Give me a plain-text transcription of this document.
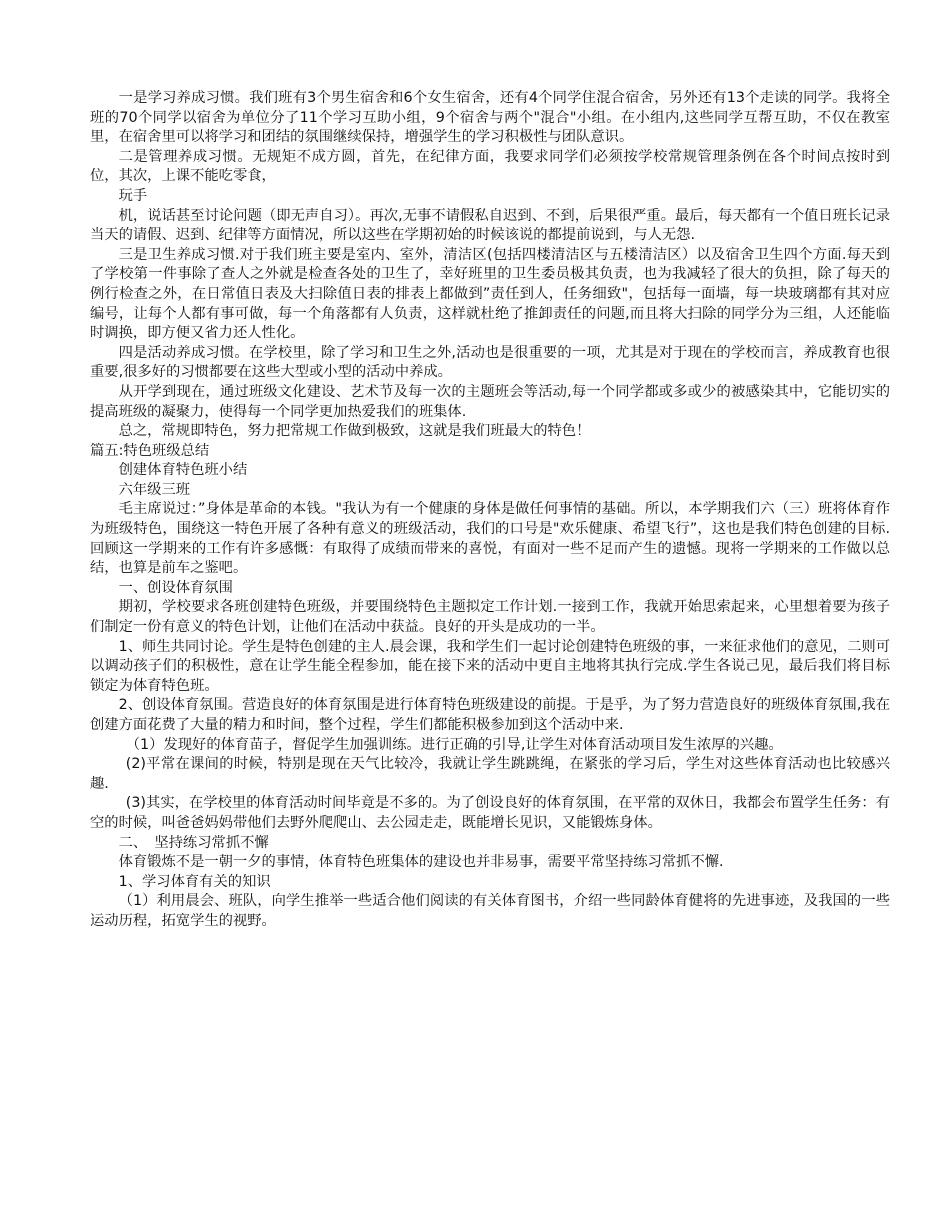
一是学习养成习惯。我们班有3个男生宿舍和6个女生宿舍，还有4个同学住混合宿舍，另外还有13个走读的同学。我将全班的70个同学以宿舍为单位分了11个学习互助小组，9个宿舍与两个"混合"小组。在小组内,这些同学互帮互助，不仅在教室里，在宿舍里可以将学习和团结的氛围继续保持，增强学生的学习积极性与团队意识。

二是管理养成习惯。无规矩不成方圆，首先，在纪律方面，我要求同学们必须按学校常规管理条例在各个时间点按时到位，其次，上课不能吃零食，

玩手

机，说话甚至讨论问题（即无声自习）。再次,无事不请假私自迟到、不到，后果很严重。最后，每天都有一个值日班长记录当天的请假、迟到、纪律等方面情况，所以这些在学期初始的时候该说的都提前说到，与人无怨.

三是卫生养成习惯.对于我们班主要是室内、室外，清洁区(包括四楼清洁区与五楼清洁区）以及宿舍卫生四个方面.每天到了学校第一件事除了查人之外就是检查各处的卫生了，幸好班里的卫生委员极其负责，也为我减轻了很大的负担，除了每天的例行检查之外，在日常值日表及大扫除值日表的排表上都做到”责任到人，任务细致"，包括每一面墙，每一块玻璃都有其对应编号，让每个人都有事可做，每一个角落都有人负责，这样就杜绝了推卸责任的问题,而且将大扫除的同学分为三组，人还能临时调换，即方便又省力还人性化。

四是活动养成习惯。在学校里，除了学习和卫生之外,活动也是很重要的一项，尤其是对于现在的学校而言，养成教育也很重要,很多好的习惯都要在这些大型或小型的活动中养成。

从开学到现在，通过班级文化建设、艺术节及每一次的主题班会等活动,每一个同学都或多或少的被感染其中，它能切实的提高班级的凝聚力，使得每一个同学更加热爱我们的班集体.

总之，常规即特色，努力把常规工作做到极致，这就是我们班最大的特色！

篇五:特色班级总结

创建体育特色班小结

六年级三班

毛主席说过：”身体是革命的本钱。"我认为有一个健康的身体是做任何事情的基础。所以，本学期我们六（三）班将体育作为班级特色，围绕这一特色开展了各种有意义的班级活动，我们的口号是"欢乐健康、希望飞行”，这也是我们特色创建的目标.回顾这一学期来的工作有许多感慨：有取得了成绩而带来的喜悦，有面对一些不足而产生的遗憾。现将一学期来的工作做以总结，也算是前车之鉴吧。

一、创设体育氛围

期初，学校要求各班创建特色班级，并要围绕特色主题拟定工作计划.一接到工作，我就开始思索起来，心里想着要为孩子们制定一份有意义的特色计划，让他们在活动中获益。良好的开头是成功的一半。

1、师生共同讨论。学生是特色创建的主人.晨会课，我和学生们一起讨论创建特色班级的事，一来征求他们的意见，二则可以调动孩子们的积极性，意在让学生能全程参加，能在接下来的活动中更自主地将其执行完成.学生各说己见，最后我们将目标锁定为体育特色班。

2、创设体育氛围。营造良好的体育氛围是进行体育特色班级建设的前提。于是乎，为了努力营造良好的班级体育氛围,我在创建方面花费了大量的精力和时间，整个过程，学生们都能积极参加到这个活动中来.

（1）发现好的体育苗子，督促学生加强训练。进行正确的引导,让学生对体育活动项目发生浓厚的兴趣。

(2)平常在课间的时候，特别是现在天气比较冷，我就让学生跳跳绳，在紧张的学习后，学生对这些体育活动也比较感兴趣.

(3)其实，在学校里的体育活动时间毕竟是不多的。为了创设良好的体育氛围，在平常的双休日，我都会布置学生任务：有空的时候，叫爸爸妈妈带他们去野外爬爬山、去公园走走，既能增长见识，又能锻炼身体。

二、　坚持练习常抓不懈

体育锻炼不是一朝一夕的事情，体育特色班集体的建设也并非易事，需要平常坚持练习常抓不懈.

1、学习体育有关的知识

（1）利用晨会、班队，向学生推举一些适合他们阅读的有关体育图书，介绍一些同龄体育健将的先进事迹，及我国的一些运动历程，拓宽学生的视野。
